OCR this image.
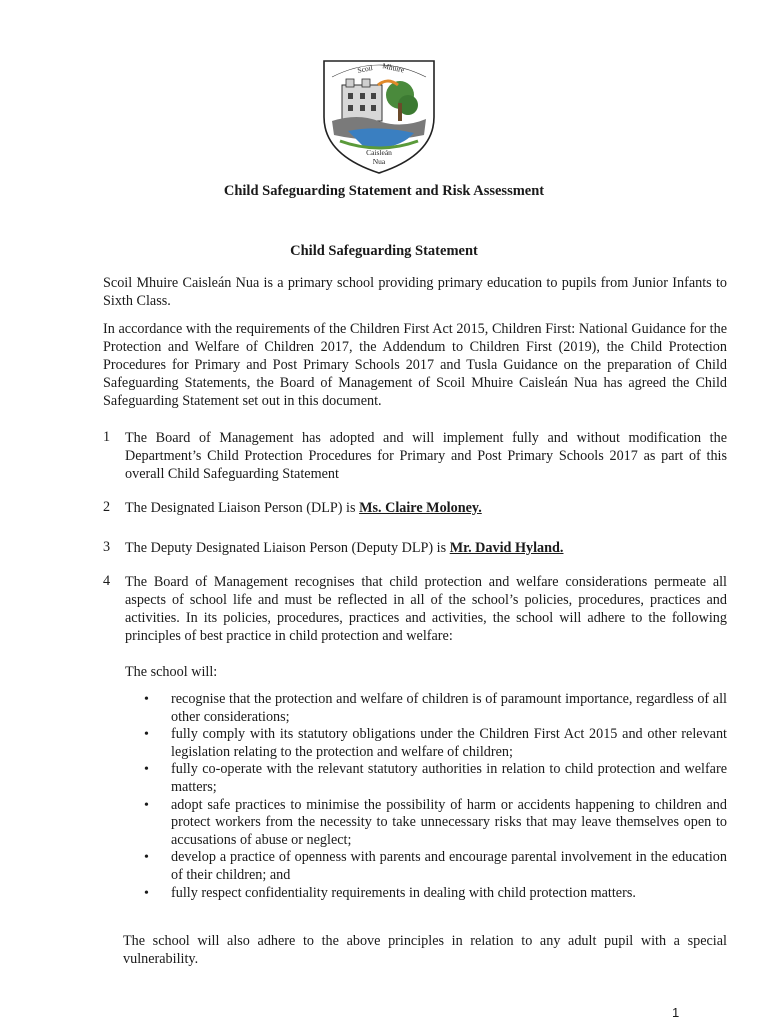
Scoil Mhuire
Caisleán
Nua
Child Safeguarding Statement and Risk Assessment
Child Safeguarding Statement
Scoil Mhuire Caisleán Nua is a primary school providing primary education to pupils from Junior Infants to Sixth Class.
In accordance with the requirements of the Children First Act 2015, Children First: National Guidance for the Protection and Welfare of Children 2017, the Addendum to Children First (2019), the Child Protection Procedures for Primary and Post Primary Schools 2017 and Tusla Guidance on the preparation of Child Safeguarding Statements, the Board of Management of Scoil Mhuire Caisleán Nua has agreed the Child Safeguarding Statement set out in this document.
1 The Board of Management has adopted and will implement fully and without modification the Department’s Child Protection Procedures for Primary and Post Primary Schools 2017 as part of this overall Child Safeguarding Statement
2 The Designated Liaison Person (DLP) is Ms. Claire Moloney.
3 The Deputy Designated Liaison Person (Deputy DLP) is Mr. David Hyland.
4 The Board of Management recognises that child protection and welfare considerations permeate all aspects of school life and must be reflected in all of the school’s policies, procedures, practices and activities. In its policies, procedures, practices and activities, the school will adhere to the following principles of best practice in child protection and welfare:
The school will:
• recognise that the protection and welfare of children is of paramount importance, regardless of all other considerations;
• fully comply with its statutory obligations under the Children First Act 2015 and other relevant legislation relating to the protection and welfare of children;
• fully co-operate with the relevant statutory authorities in relation to child protection and welfare matters;
• adopt safe practices to minimise the possibility of harm or accidents happening to children and protect workers from the necessity to take unnecessary risks that may leave themselves open to accusations of abuse or neglect;
• develop a practice of openness with parents and encourage parental involvement in the education of their children; and
• fully respect confidentiality requirements in dealing with child protection matters.
The school will also adhere to the above principles in relation to any adult pupil with a special vulnerability.
1
